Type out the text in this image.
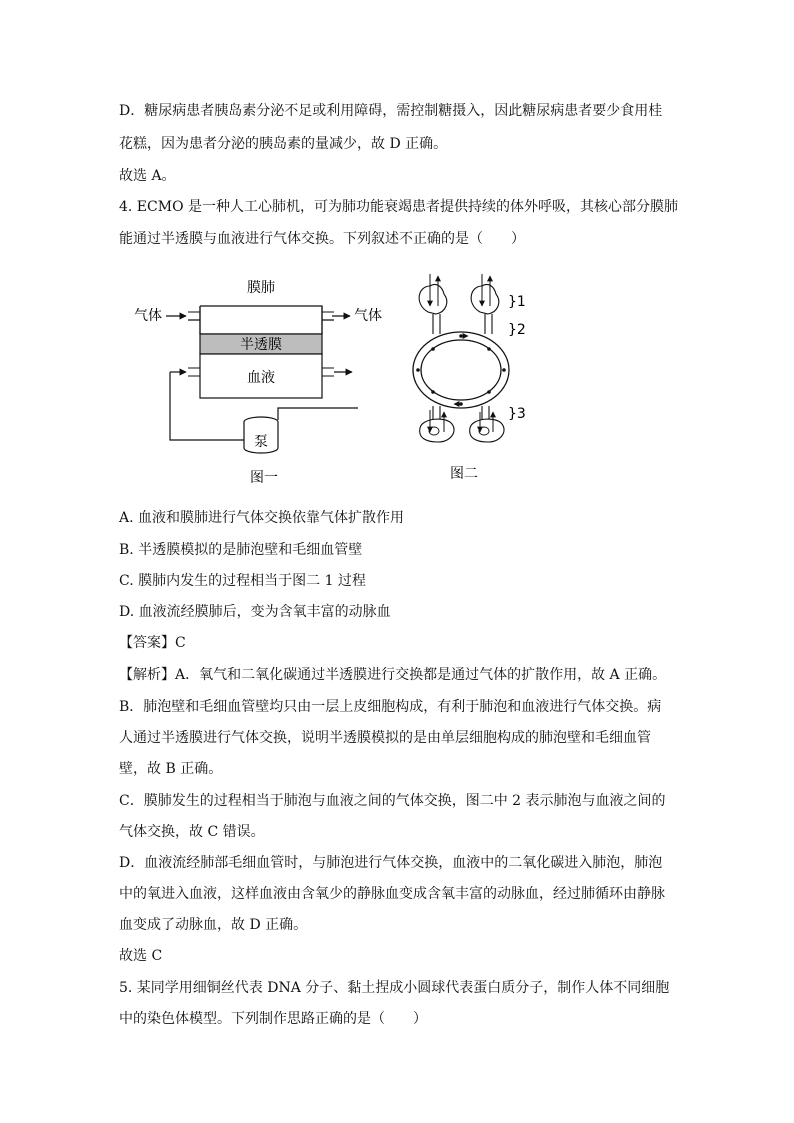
D．糖尿病患者胰岛素分泌不足或利用障碍，需控制糖摄入，因此糖尿病患者要少食用桂
花糕，因为患者分泌的胰岛素的量减少，故 D 正确。
故选 A。
4. ECMO 是一种人工心肺机，可为肺功能衰竭患者提供持续的体外呼吸，其核心部分膜肺
能通过半透膜与血液进行气体交换。下列叙述不正确的是（　　）
膜肺
气体	气体
半透膜
血液
泵
图一
}1
}2
}3
图二
A. 血液和膜肺进行气体交换依靠气体扩散作用
B. 半透膜模拟的是肺泡壁和毛细血管壁
C. 膜肺内发生的过程相当于图二 1 过程
D. 血液流经膜肺后，变为含氧丰富的动脉血
【答案】C
【解析】A．氧气和二氧化碳通过半透膜进行交换都是通过气体的扩散作用，故 A 正确。
B．肺泡壁和毛细血管壁均只由一层上皮细胞构成，有利于肺泡和血液进行气体交换。病
人通过半透膜进行气体交换，说明半透膜模拟的是由单层细胞构成的肺泡壁和毛细血管
壁，故 B 正确。
C．膜肺发生的过程相当于肺泡与血液之间的气体交换，图二中 2 表示肺泡与血液之间的
气体交换，故 C 错误。
D．血液流经肺部毛细血管时，与肺泡进行气体交换，血液中的二氧化碳进入肺泡，肺泡
中的氧进入血液，这样血液由含氧少的静脉血变成含氧丰富的动脉血，经过肺循环由静脉
血变成了动脉血，故 D 正确。
故选 C
5. 某同学用细铜丝代表 DNA 分子、黏土捏成小圆球代表蛋白质分子，制作人体不同细胞
中的染色体模型。下列制作思路正确的是（　　）
